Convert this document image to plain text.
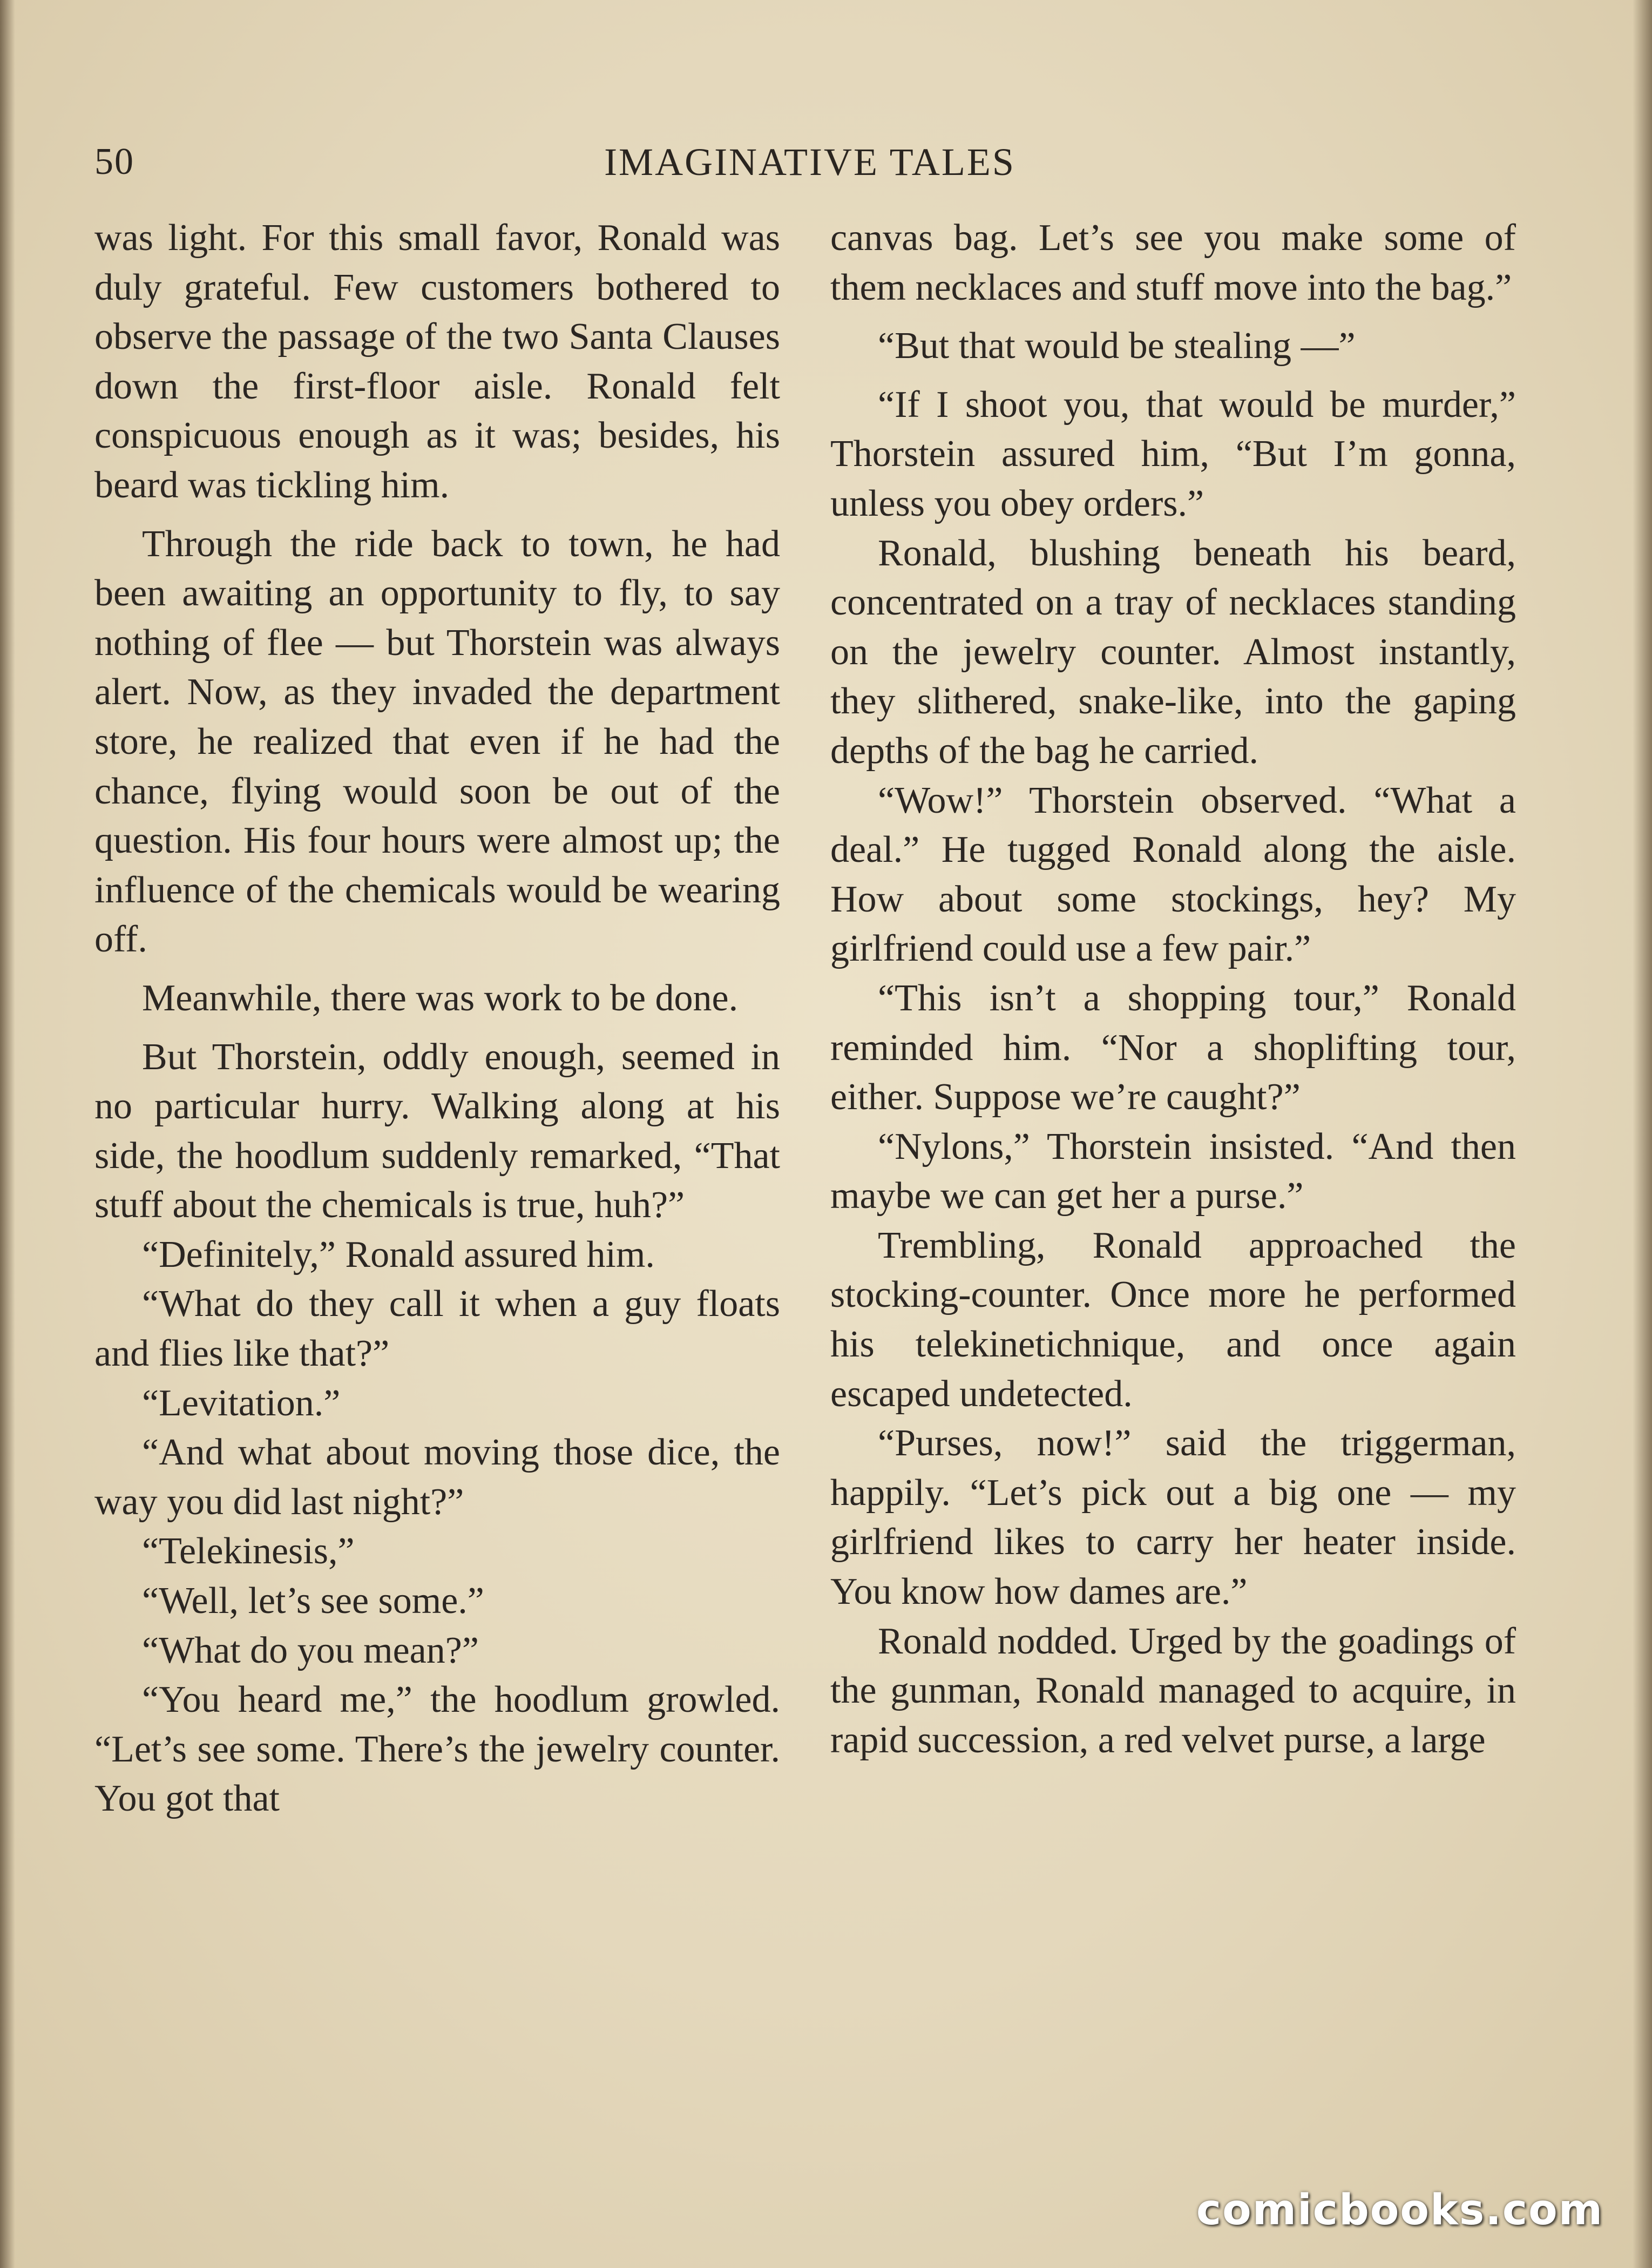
50	IMAGINATIVE TALES

was light. For this small favor, Ronald was duly grateful. Few customers bothered to observe the passage of the two Santa Clauses down the first-floor aisle. Ronald felt conspicuous enough as it was; besides, his beard was tickling him.

Through the ride back to town, he had been awaiting an opportunity to fly, to say nothing of flee — but Thorstein was always alert. Now, as they invaded the department store, he realized that even if he had the chance, flying would soon be out of the question. His four hours were almost up; the influence of the chemicals would be wearing off.

Meanwhile, there was work to be done.

But Thorstein, oddly enough, seemed in no particular hurry. Walking along at his side, the hoodlum suddenly remarked, “That stuff about the chemicals is true, huh?”

“Definitely,” Ronald assured him.

“What do they call it when a guy floats and flies like that?”

“Levitation.”

“And what about moving those dice, the way you did last night?”

“Telekinesis,”

“Well, let’s see some.”

“What do you mean?”

“You heard me,” the hoodlum growled. “Let’s see some. There’s the jewelry counter. You got that

canvas bag. Let’s see you make some of them necklaces and stuff move into the bag.”

“But that would be stealing —”

“If I shoot you, that would be murder,” Thorstein assured him, “But I’m gonna, unless you obey orders.”

Ronald, blushing beneath his beard, concentrated on a tray of necklaces standing on the jewelry counter. Almost instantly, they slithered, snake-like, into the gaping depths of the bag he carried.

“Wow!” Thorstein observed. “What a deal.” He tugged Ronald along the aisle. How about some stockings, hey? My girlfriend could use a few pair.”

“This isn’t a shopping tour,” Ronald reminded him. “Nor a shoplifting tour, either. Suppose we’re caught?”

“Nylons,” Thorstein insisted. “And then maybe we can get her a purse.”

Trembling, Ronald approached the stocking-counter. Once more he performed his telekinetichnique, and once again escaped undetected.

“Purses, now!” said the triggerman, happily. “Let’s pick out a big one — my girlfriend likes to carry her heater inside. You know how dames are.”

Ronald nodded. Urged by the goadings of the gunman, Ronald managed to acquire, in rapid succession, a red velvet purse, a large

comicbooks.com
